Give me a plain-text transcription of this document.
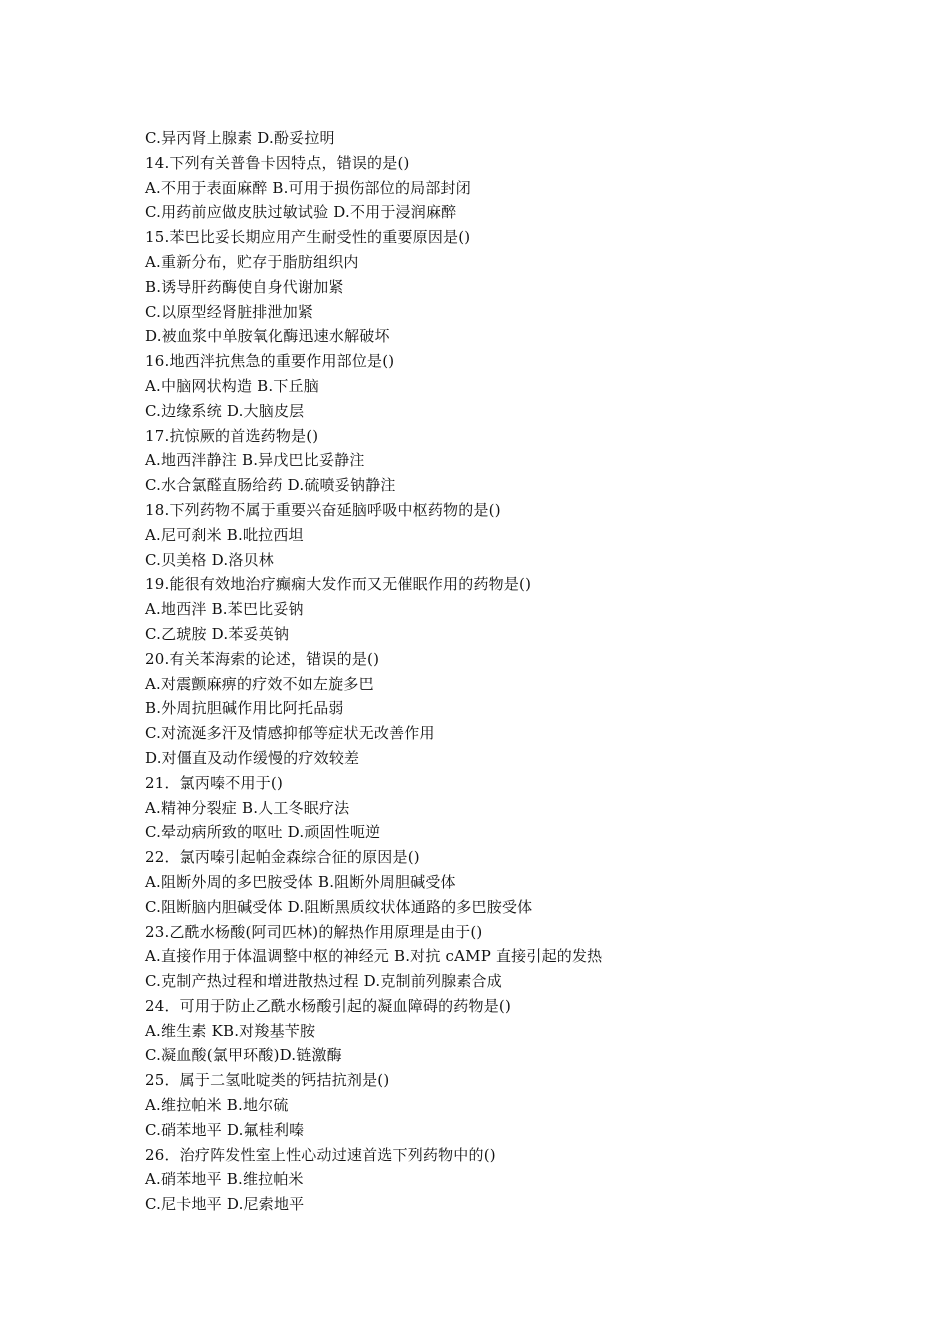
C.异丙肾上腺素 D.酚妥拉明
14.下列有关普鲁卡因特点，错误的是()
A.不用于表面麻醉 B.可用于损伤部位的局部封闭
C.用药前应做皮肤过敏试验 D.不用于浸润麻醉
15.苯巴比妥长期应用产生耐受性的重要原因是()
A.重新分布，贮存于脂肪组织内
B.诱导肝药酶使自身代谢加紧
C.以原型经肾脏排泄加紧
D.被血浆中单胺氧化酶迅速水解破坏
16.地西泮抗焦急的重要作用部位是()
A.中脑网状构造 B.下丘脑
C.边缘系统 D.大脑皮层
17.抗惊厥的首选药物是()
A.地西泮静注 B.异戊巴比妥静注
C.水合氯醛直肠给药 D.硫喷妥钠静注
18.下列药物不属于重要兴奋延脑呼吸中枢药物的是()
A.尼可刹米 B.吡拉西坦
C.贝美格 D.洛贝林
19.能很有效地治疗癫痫大发作而又无催眠作用的药物是()
A.地西泮 B.苯巴比妥钠
C.乙琥胺 D.苯妥英钠
20.有关苯海索的论述，错误的是()
A.对震颤麻痹的疗效不如左旋多巴
B.外周抗胆碱作用比阿托品弱
C.对流涎多汗及情感抑郁等症状无改善作用
D.对僵直及动作缓慢的疗效较差
21．氯丙嗪不用于()
A.精神分裂症 B.人工冬眠疗法
C.晕动病所致的呕吐 D.顽固性呃逆
22．氯丙嗪引起帕金森综合征的原因是()
A.阻断外周的多巴胺受体 B.阻断外周胆碱受体
C.阻断脑内胆碱受体 D.阻断黑质纹状体通路的多巴胺受体
23.乙酰水杨酸(阿司匹林)的解热作用原理是由于()
A.直接作用于体温调整中枢的神经元 B.对抗 cAMP 直接引起的发热
C.克制产热过程和增进散热过程 D.克制前列腺素合成
24．可用于防止乙酰水杨酸引起的凝血障碍的药物是()
A.维生素 KB.对羧基苄胺
C.凝血酸(氯甲环酸)D.链激酶
25．属于二氢吡啶类的钙拮抗剂是()
A.维拉帕米 B.地尔硫
C.硝苯地平 D.氟桂利嗪
26．治疗阵发性室上性心动过速首选下列药物中的()
A.硝苯地平 B.维拉帕米
C.尼卡地平 D.尼索地平
